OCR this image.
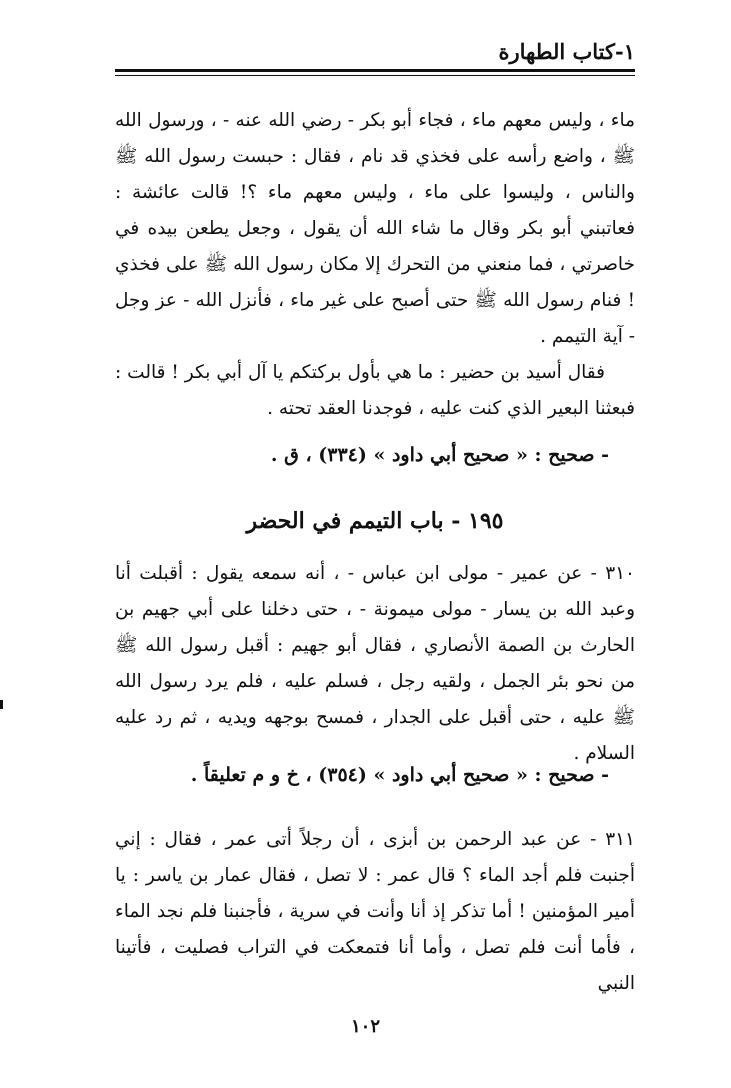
١-كتاب الطهارة

ماء ، وليس معهم ماء ، فجاء أبو بكر - رضي الله عنه - ، ورسول الله ﷺ ، واضع رأسه على فخذي قد نام ، فقال : حبست رسول الله ﷺ والناس ، وليسوا على ماء ، وليس معهم ماء ؟! قالت عائشة : فعاتبني أبو بكر وقال ما شاء الله أن يقول ، وجعل يطعن بيده في خاصرتي ، فما منعني من التحرك إلا مكان رسول الله ﷺ على فخذي ! فنام رسول الله ﷺ حتى أصبح على غير ماء ، فأنزل الله - عز وجل - آية التيمم .

فقال أسيد بن حضير : ما هي بأول بركتكم يا آل أبي بكر ! قالت : فبعثنا البعير الذي كنت عليه ، فوجدنا العقد تحته .

- صحيح : « صحيح أبي داود » (٣٣٤) ، ق .
١٩٥ - باب التيمم في الحضر

٣١٠ - عن عمير - مولى ابن عباس - ، أنه سمعه يقول : أقبلت أنا وعبد الله بن يسار - مولى ميمونة - ، حتى دخلنا على أبي جهيم بن الحارث بن الصمة الأنصاري ، فقال أبو جهيم : أقبل رسول الله ﷺ من نحو بئر الجمل ، ولقيه رجل ، فسلم عليه ، فلم يرد رسول الله ﷺ عليه ، حتى أقبل على الجدار ، فمسح بوجهه ويديه ، ثم رد عليه السلام .

- صحيح : « صحيح أبي داود » (٣٥٤) ، خ و م تعليقاً .

٣١١ - عن عبد الرحمن بن أبزى ، أن رجلاً أتى عمر ، فقال : إني أجنبت فلم أجد الماء ؟ قال عمر : لا تصل ، فقال عمار بن ياسر : يا أمير المؤمنين ! أما تذكر إذ أنا وأنت في سرية ، فأجنبنا فلم نجد الماء ، فأما أنت فلم تصل ، وأما أنا فتمعكت في التراب فصليت ، فأتينا النبي

١٠٢
